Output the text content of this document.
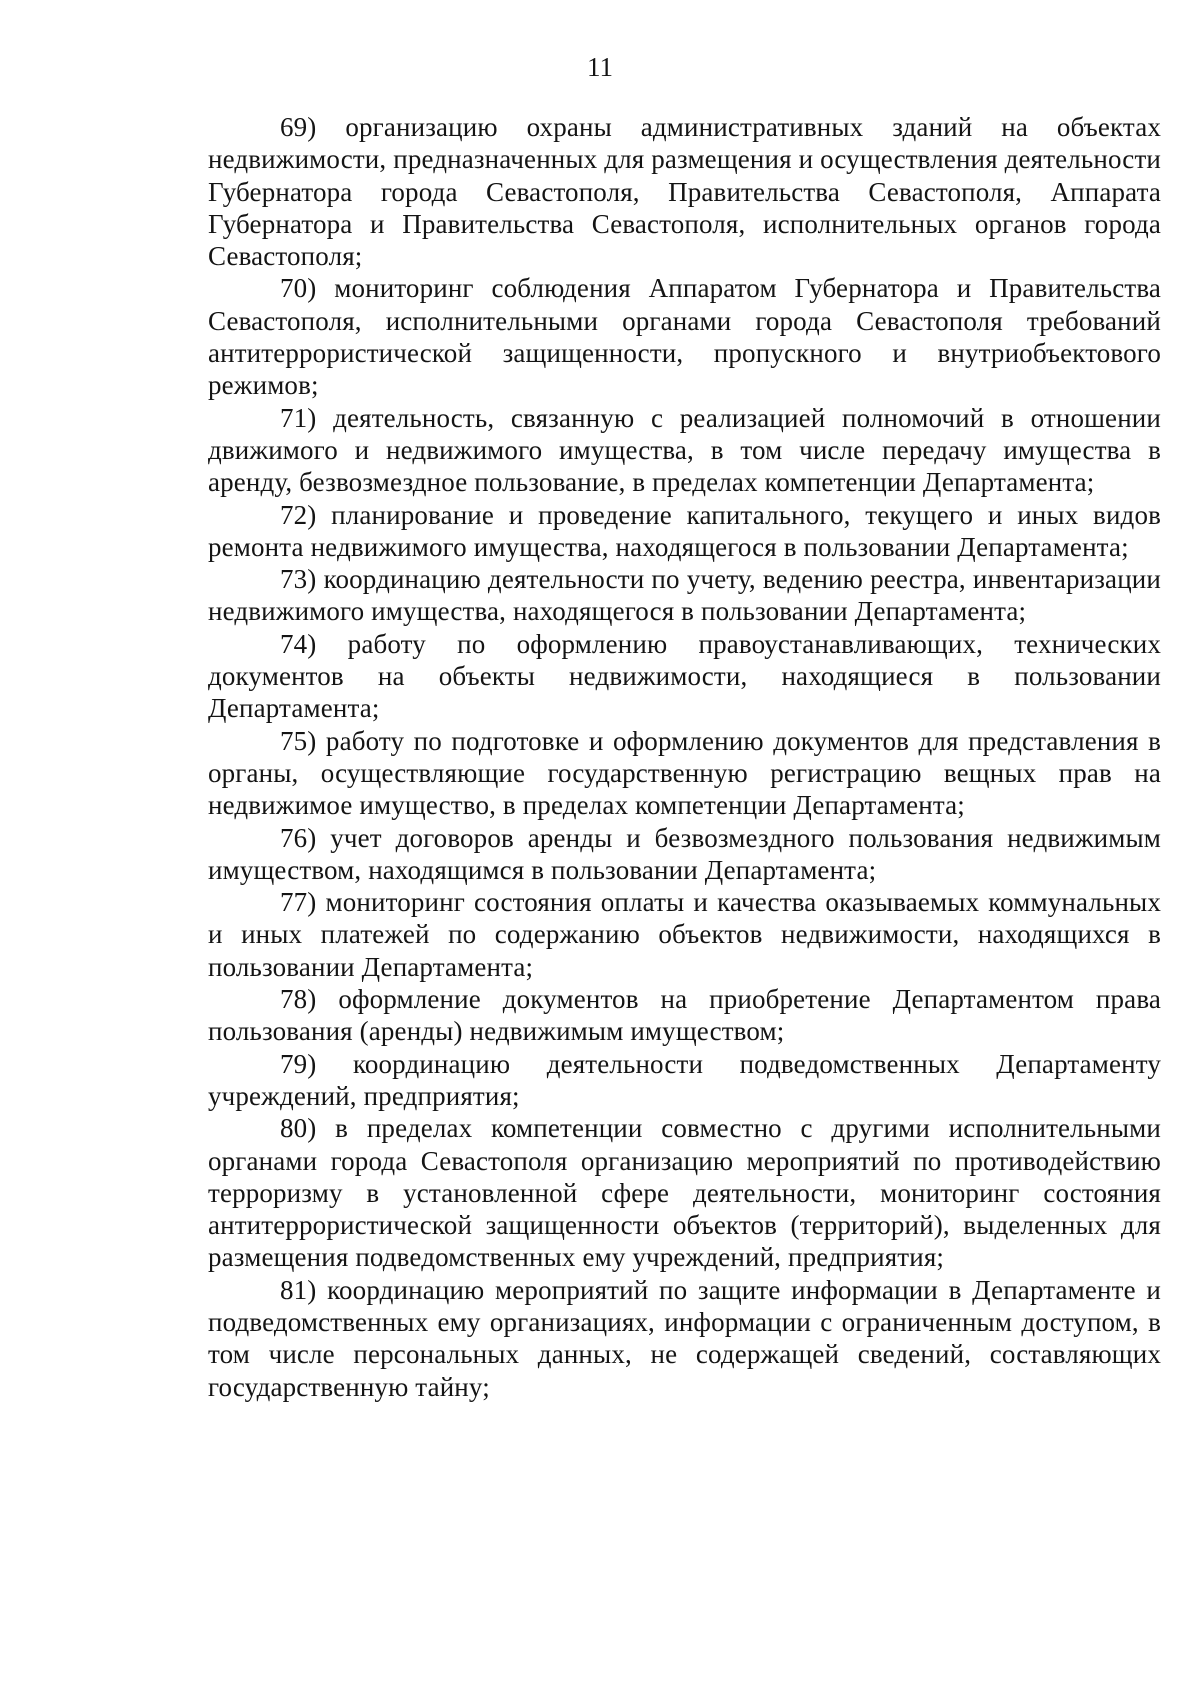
11

69) организацию охраны административных зданий на объектах недвижимости, предназначенных для размещения и осуществления деятельности Губернатора города Севастополя, Правительства Севастополя, Аппарата Губернатора и Правительства Севастополя, исполнительных органов города Севастополя;

70) мониторинг соблюдения Аппаратом Губернатора и Правительства Севастополя, исполнительными органами города Севастополя требований антитеррористической защищенности, пропускного и внутриобъектового режимов;

71) деятельность, связанную с реализацией полномочий в отношении движимого и недвижимого имущества, в том числе передачу имущества в аренду, безвозмездное пользование, в пределах компетенции Департамента;

72) планирование и проведение капитального, текущего и иных видов ремонта недвижимого имущества, находящегося в пользовании Департамента;

73) координацию деятельности по учету, ведению реестра, инвентаризации недвижимого имущества, находящегося в пользовании Департамента;

74) работу по оформлению правоустанавливающих, технических документов на объекты недвижимости, находящиеся в пользовании Департамента;

75) работу по подготовке и оформлению документов для представления в органы, осуществляющие государственную регистрацию вещных прав на недвижимое имущество, в пределах компетенции Департамента;

76) учет договоров аренды и безвозмездного пользования недвижимым имуществом, находящимся в пользовании Департамента;

77) мониторинг состояния оплаты и качества оказываемых коммунальных и иных платежей по содержанию объектов недвижимости, находящихся в пользовании Департамента;

78) оформление документов на приобретение Департаментом права пользования (аренды) недвижимым имуществом;

79) координацию деятельности подведомственных Департаменту учреждений, предприятия;

80) в пределах компетенции совместно с другими исполнительными органами города Севастополя организацию мероприятий по противодействию терроризму в установленной сфере деятельности, мониторинг состояния антитеррористической защищенности объектов (территорий), выделенных для размещения подведомственных ему учреждений, предприятия;

81) координацию мероприятий по защите информации в Департаменте и подведомственных ему организациях, информации с ограниченным доступом, в том числе персональных данных, не содержащей сведений, составляющих государственную тайну;
